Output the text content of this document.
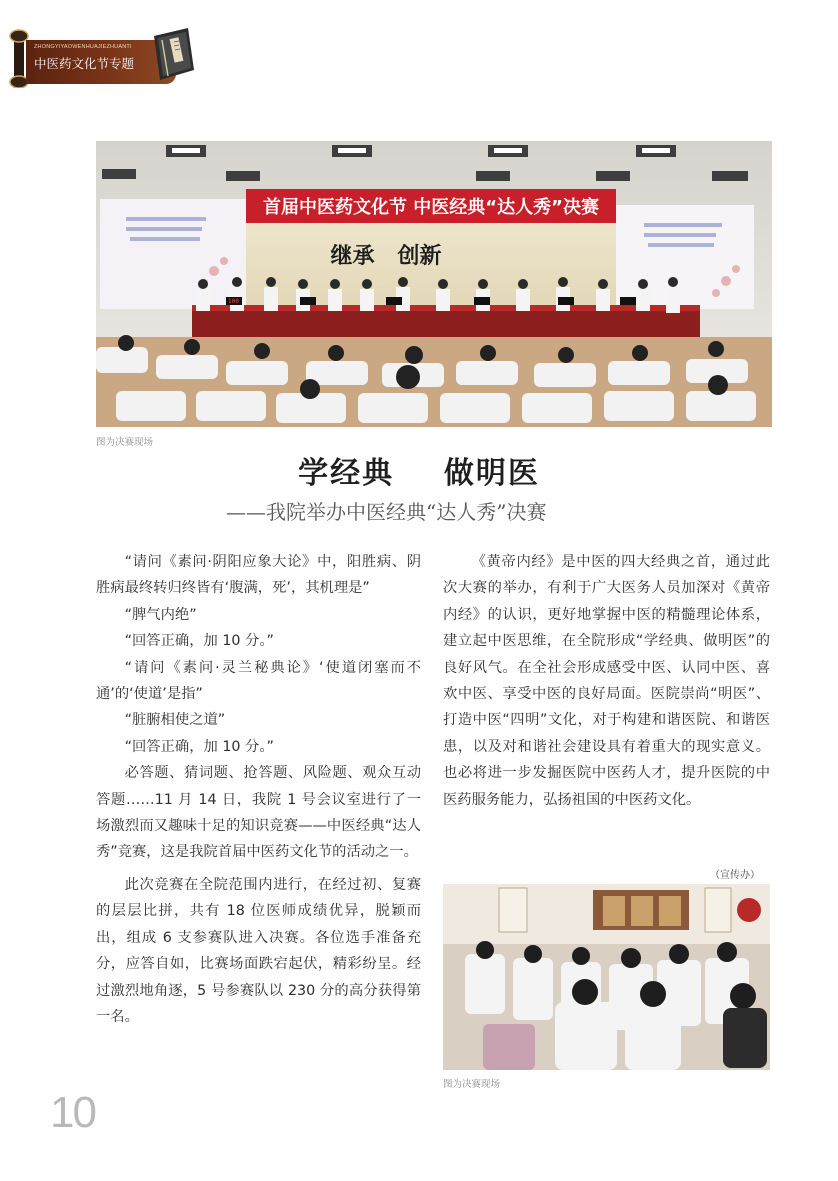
ZHONGYIYAOWENHUAJIEZHUANTI
中医药文化节专题
首届中医药文化节 中医经典“达人秀”决赛
继承   创新
100
图为决赛现场
学经典    做明医
——我院举办中医经典“达人秀”决赛

“请问《素问·阴阳应象大论》中，阳胜病、阴胜病最终转归终皆有‘腹满，死’，其机理是”

“脾气内绝”

“回答正确，加 10 分。”

“请问《素问·灵兰秘典论》‘使道闭塞而不通’的‘使道’是指”

“脏腑相使之道”

“回答正确，加 10 分。”

必答题、猜词题、抢答题、风险题、观众互动答题……11 月 14 日，我院 1 号会议室进行了一场激烈而又趣味十足的知识竞赛——中医经典“达人秀”竞赛，这是我院首届中医药文化节的活动之一。

此次竞赛在全院范围内进行，在经过初、复赛的层层比拼，共有 18 位医师成绩优异，脱颖而出，组成 6 支参赛队进入决赛。各位选手准备充分，应答自如，比赛场面跌宕起伏，精彩纷呈。经过激烈地角逐，5 号参赛队以 230 分的高分获得第一名。

《黄帝内经》是中医的四大经典之首，通过此次大赛的举办，有利于广大医务人员加深对《黄帝内经》的认识，更好地掌握中医的精髓理论体系，建立起中医思维，在全院形成“学经典、做明医”的良好风气。在全社会形成感受中医、认同中医、喜欢中医、享受中医的良好局面。医院崇尚“明医”、打造中医“四明”文化，对于构建和谐医院、和谐医患，以及对和谐社会建设具有着重大的现实意义。也必将进一步发掘医院中医药人才，提升医院的中医药服务能力，弘扬祖国的中医药文化。

（宣传办）
图为决赛现场
10
